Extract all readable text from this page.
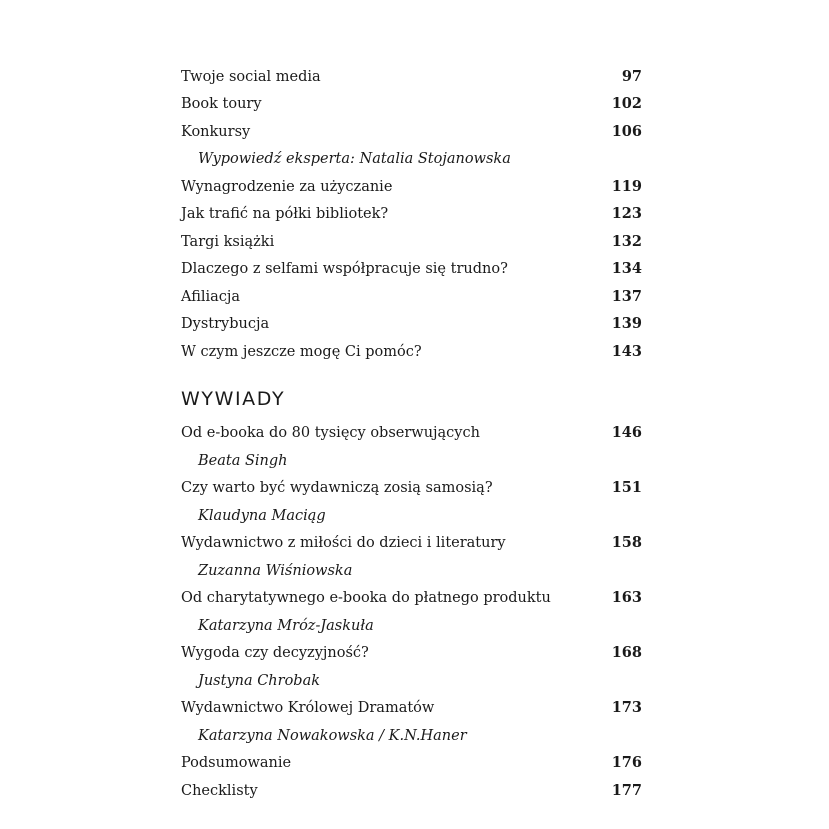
Twoje social media	97
Book toury	102
Konkursy	106
Wypowiedź eksperta: Natalia Stojanowska
Wynagrodzenie za użyczanie	119
Jak trafić na półki bibliotek?	123
Targi książki	132
Dlaczego z selfami współpracuje się trudno?	134
Afiliacja	137
Dystrybucja	139
W czym jeszcze mogę Ci pomóc?	143
WYWIADY
Od e-booka do 80 tysięcy obserwujących	146
Beata Singh
Czy warto być wydawniczą zosią samosią?	151
Klaudyna Maciąg
Wydawnictwo z miłości do dzieci i literatury	158
Zuzanna Wiśniowska
Od charytatywnego e-booka do płatnego produktu	163
Katarzyna Mróz-Jaskuła
Wygoda czy decyzyjność?	168
Justyna Chrobak
Wydawnictwo Królowej Dramatów	173
Katarzyna Nowakowska / K.N.Haner
Podsumowanie	176
Checklisty	177
